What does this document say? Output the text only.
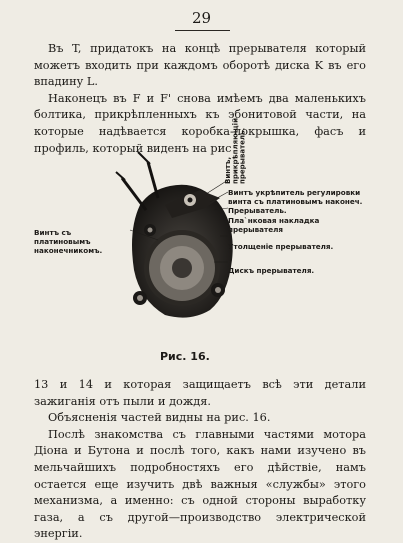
29

Въ T, придатокъ на концѣ прерывателя который можетъ входить при каждомъ оборотѣ диска K въ его впадину L.

Наконецъ въ F и F' снова имѣемъ два маленькихъ болтика, прикрѣпленныхъ къ эбонитовой части, на которые надѣвается коробка-покрышка, фасъ и профиль, который виденъ на рис

Винтъ, прикрѣпляющій прерыватель.
Винтъ укрѣпитель регулировки винта съ платиновымъ наконеч.
Прерыватель.
Пла`нковая накладка прерывателя
Утолщеніе прерывателя.
Дискъ прерывателя.
Винтъ съ платиновымъ наконечникомъ.
Рис. 16.

13 и 14 и которая защищаетъ всѣ эти детали зажиганія отъ пыли и дождя.

Объясненія частей видны на рис. 16.

Послѣ знакомства съ главными частями мотора Діона и Бутона и послѣ того, какъ нами изучено въ мельчайшихъ подробностяхъ его дѣйствіе, намъ остается еще изучить двѣ важныя «службы» этого механизма, а именно: съ одной стороны выработку газа, а съ другой—производство электрической энергіи.
